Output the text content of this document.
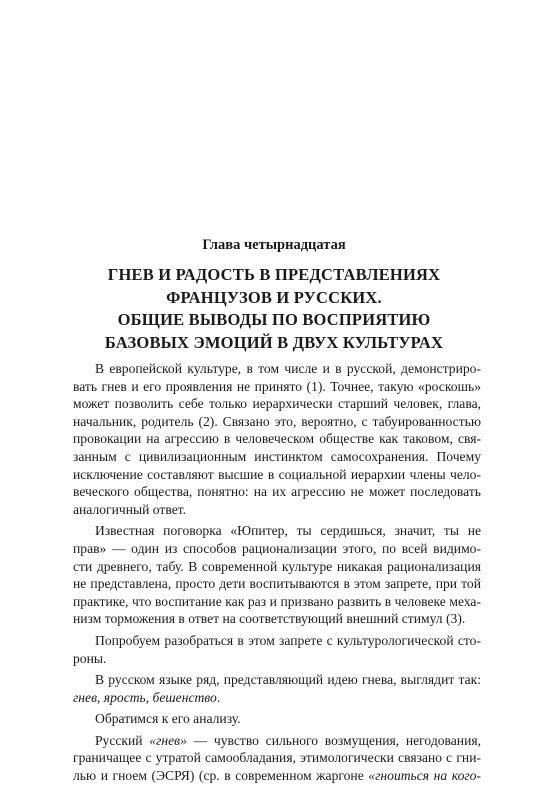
Глава четырнадцатая
ГНЕВ И РАДОСТЬ В ПРЕДСТАВЛЕНИЯХ
ФРАНЦУЗОВ И РУССКИХ.
ОБЩИЕ ВЫВОДЫ ПО ВОСПРИЯТИЮ
БАЗОВЫХ ЭМОЦИЙ В ДВУХ КУЛЬТУРАХ
В европейской культуре, в том числе и в русской, демонстриро-
вать гнев и его проявления не принято (1). Точнее, такую «роскошь»
может позволить себе только иерархически старший человек, глава,
начальник, родитель (2). Связано это, вероятно, с табуированностью
провокации на агрессию в человеческом обществе как таковом, свя-
занным с цивилизационным инстинктом самосохранения. Почему
исключение составляют высшие в социальной иерархии члены чело-
веческого общества, понятно: на их агрессию не может последовать
аналогичный ответ.
Известная поговорка «Юпитер, ты сердишься, значит, ты не
прав» — один из способов рационализации этого, по всей видимо-
сти древнего, табу. В современной культуре никакая рационализация
не представлена, просто дети воспитываются в этом запрете, при той
практике, что воспитание как раз и призвано развить в человеке меха-
низм торможения в ответ на соответствующий внешний стимул (3).
Попробуем разобраться в этом запрете с культурологической сто-
роны.
В русском языке ряд, представляющий идею гнева, выглядит так:
гнев, ярость, бешенство.
Обратимся к его анализу.
Русский «гнев» — чувство сильного возмущения, негодования,
граничащее с утратой самообладания, этимологически связано с гни-
лью и гноем (ЭСРЯ) (ср. в современном жаргоне «гноиться на кого-
